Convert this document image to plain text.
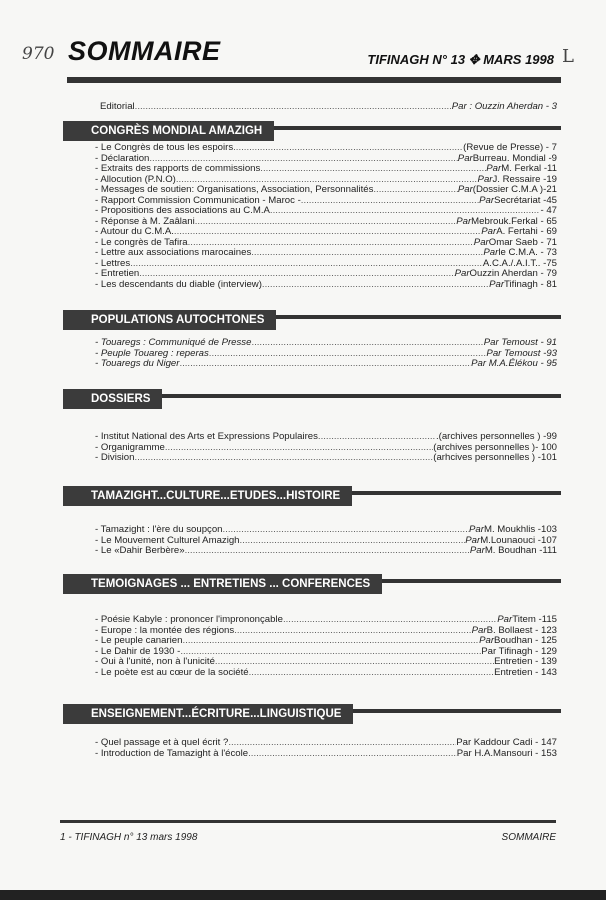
970 SOMMAIRE	TIFINAGH N° 13 ✥ MARS 1998 L
Editorial .....	Par : Ouzzin Aherdan - 3
CONGRÈS MONDIAL AMAZIGH
- Le Congrès de tous les espoirs .....	(Revue de Presse) - 7
- Déclaration .....	Par Burreau. Mondial -9
- Extraits des rapports de commissions .....	Par M. Ferkal -11
- Allocution (P.N.O) .....	Par J. Ressaire -19
- Messages de soutien: Organisations, Association, Personnalités .....	Par (Dossier C.M.A )-21
- Rapport Commission Communication - Maroc - .....	Par Secrétariat -45
- Propositions des associations au C.M.A .....	- 47
- Réponse à M. Zaâlani .....	Par Mebrouk.Ferkal - 65
- Autour du C.M.A. .....	Par A. Fertahi - 69
- Le congrès de Tafira .....	Par Omar Saeb - 71
- Lettre aux associations marocaines .....	Par le C.M.A. - 73
- Lettres .....	A.C.A./.A.I.T.. -75
- Entretien .....	Par Ouzzin Aherdan - 79
- Les descendants du diable (interview) .....	Par Tifinagh - 81
POPULATIONS AUTOCHTONES
- Touaregs : Communiqué de Presse .....	Par Temoust - 91
- Peuple Touareg : reperas .....	Par Temoust -93
- Touaregs du Niger .....	Par M.A.Élékou - 95
DOSSIERS
- Institut National des Arts et Expressions Populaires .....	.(archives personnelles ) -99
- Organigramme .....	(archives personnelles )- 100
- Division .....	(arhcives personnelles ) -101
TAMAZIGHT...CULTURE...ETUDES...HISTOIRE
- Tamazight : l'ère du soupçon .....	Par M. Moukhlis -103
- Le Mouvement Culturel Amazigh .....	Par M.Lounaouci -107
- Le «Dahir Berbère» .....	Par M. Boudhan -111
TEMOIGNAGES ... ENTRETIENS ... CONFERENCES
- Poésie Kabyle : prononcer l'imprononçable .....	Par Titem -115
- Europe : la montée des régions .....	Par B. Bollaest - 123
- Le peuple canarien .....	Par Boudhan - 125
- Le Dahir de 1930 - .....	Par Tifinagh - 129
- Oui à l'unité, non à l'unicité .....	Entretien - 139
- Le poète est au cœur de la société .....	Entretien - 143
ENSEIGNEMENT...ÉCRITURE...LINGUISTIQUE
- Quel passage et à quel écrit ? .....	Par Kaddour Cadi - 147
- Introduction de Tamazight à l'école .....	Par H.A.Mansouri - 153
1 - TIFINAGH n° 13 mars 1998	SOMMAIRE
